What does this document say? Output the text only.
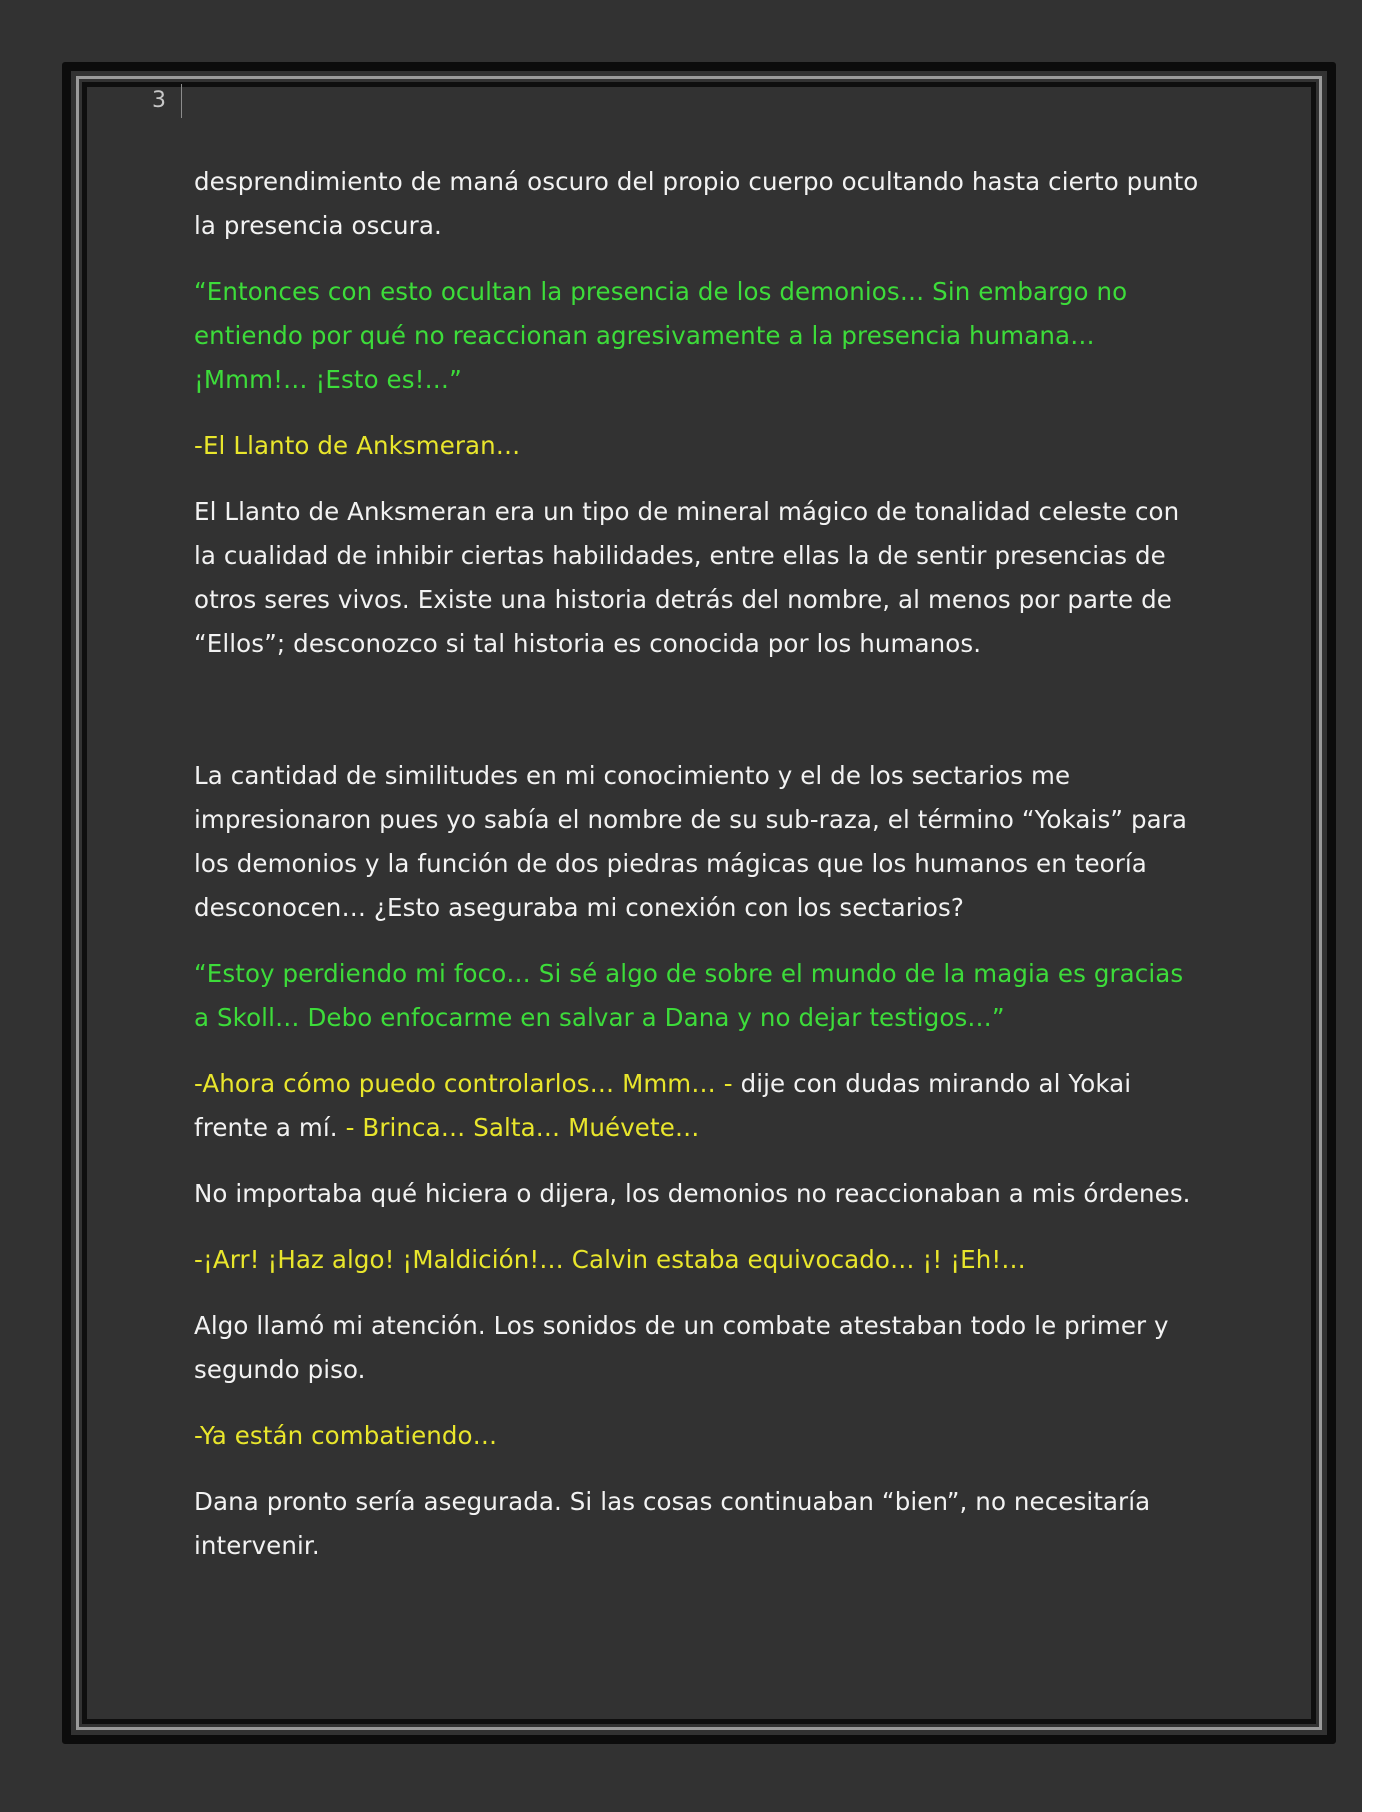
3

desprendimiento de maná oscuro del propio cuerpo ocultando hasta cierto punto la presencia oscura.

“Entonces con esto ocultan la presencia de los demonios… Sin embargo no entiendo por qué no reaccionan agresivamente a la presencia humana… ¡Mmm!… ¡Esto es!…”

-El Llanto de Anksmeran…

El Llanto de Anksmeran era un tipo de mineral mágico de tonalidad celeste con la cualidad de inhibir ciertas habilidades, entre ellas la de sentir presencias de otros seres vivos. Existe una historia detrás del nombre, al menos por parte de “Ellos”; desconozco si tal historia es conocida por los humanos.

La cantidad de similitudes en mi conocimiento y el de los sectarios me impresionaron pues yo sabía el nombre de su sub-raza, el término “Yokais” para los demonios y la función de dos piedras mágicas que los humanos en teoría desconocen… ¿Esto aseguraba mi conexión con los sectarios?

“Estoy perdiendo mi foco… Si sé algo de sobre el mundo de la magia es gracias a Skoll… Debo enfocarme en salvar a Dana y no dejar testigos…”

-Ahora cómo puedo controlarlos… Mmm… - dije con dudas mirando al Yokai frente a mí. - Brinca… Salta… Muévete…

No importaba qué hiciera o dijera, los demonios no reaccionaban a mis órdenes.

-¡Arr! ¡Haz algo! ¡Maldición!… Calvin estaba equivocado… ¡! ¡Eh!…

Algo llamó mi atención. Los sonidos de un combate atestaban todo le primer y segundo piso.

-Ya están combatiendo…

Dana pronto sería asegurada. Si las cosas continuaban “bien”, no necesitaría intervenir.
